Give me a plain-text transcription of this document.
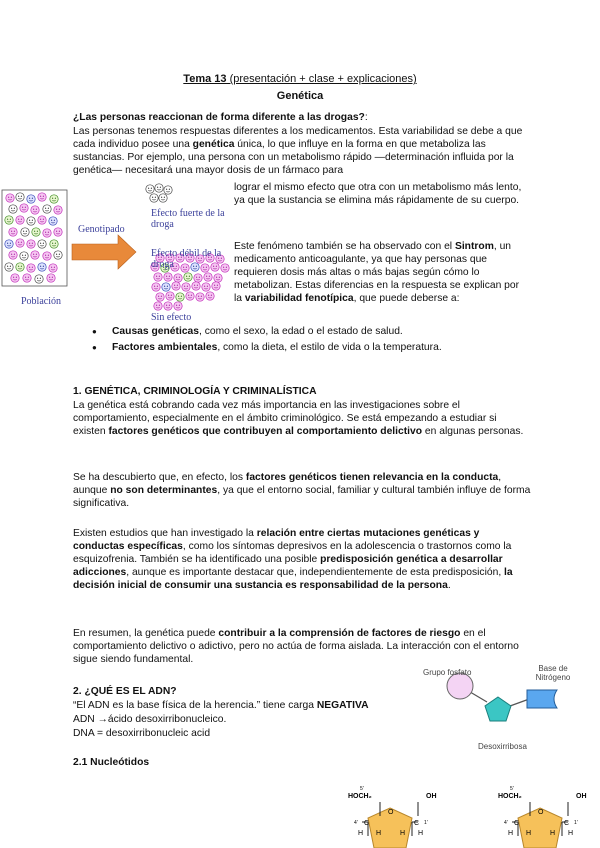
Tema 13 (presentación + clase + explicaciones)
Genética
¿Las personas reaccionan de forma diferente a las drogas?:
Las personas tenemos respuestas diferentes a los medicamentos. Esta variabilidad se debe a que cada individuo posee una genética única, lo que influye en la forma en que metaboliza las sustancias. Por ejemplo, una persona con un metabolismo rápido —determinación influida por la genética— necesitará una mayor dosis de un fármaco para
lograr el mismo efecto que otra con un metabolismo más lento, ya que la sustancia se elimina más rápidamente de su cuerpo.
Este fenómeno también se ha observado con el Sintrom, un medicamento anticoagulante, ya que hay personas que requieren dosis más altas o más bajas según cómo lo metabolizan. Estas diferencias en la respuesta se explican por la variabilidad fenotípica, que puede deberse a:
Genotipado
Efecto fuerte de la droga
Efecto débil de la droga
Sin efecto
Población
● Causas genéticas, como el sexo, la edad o el estado de salud.
● Factores ambientales, como la dieta, el estilo de vida o la temperatura.
1. GENÉTICA, CRIMINOLOGÍA Y CRIMINALÍSTICA
La genética está cobrando cada vez más importancia en las investigaciones sobre el comportamiento, especialmente en el ámbito criminológico. Se está empezando a estudiar si existen factores genéticos que contribuyen al comportamiento delictivo en algunas personas.
Se ha descubierto que, en efecto, los factores genéticos tienen relevancia en la conducta, aunque no son determinantes, ya que el entorno social, familiar y cultural también influye de forma significativa.
Existen estudios que han investigado la relación entre ciertas mutaciones genéticas y conductas específicas, como los síntomas depresivos en la adolescencia o trastornos como la esquizofrenia. También se ha identificado una posible predisposición genética a desarrollar adicciones, aunque es importante destacar que, independientemente de esta predisposición, la decisión inicial de consumir una sustancia es responsabilidad de la persona.
En resumen, la genética puede contribuir a la comprensión de factores de riesgo en el comportamiento delictivo o adictivo, pero no actúa de forma aislada. La interacción con el entorno sigue siendo fundamental.
Grupo fosfato	Base de Nitrógeno
Desoxirribosa
2. ¿QUÉ ES EL ADN?
“El ADN es la base física de la herencia.” tiene carga NEGATIVA
ADN →ácido desoxirribonucleico.
DNA = desoxirribonucleic acid
2.1 Nucleótidos
HOCH₂
5'
OH
O
C	C
4'	1'
H H	H H
HOCH₂
5'
OH
O
C	C
4'	1'
H H	H H
